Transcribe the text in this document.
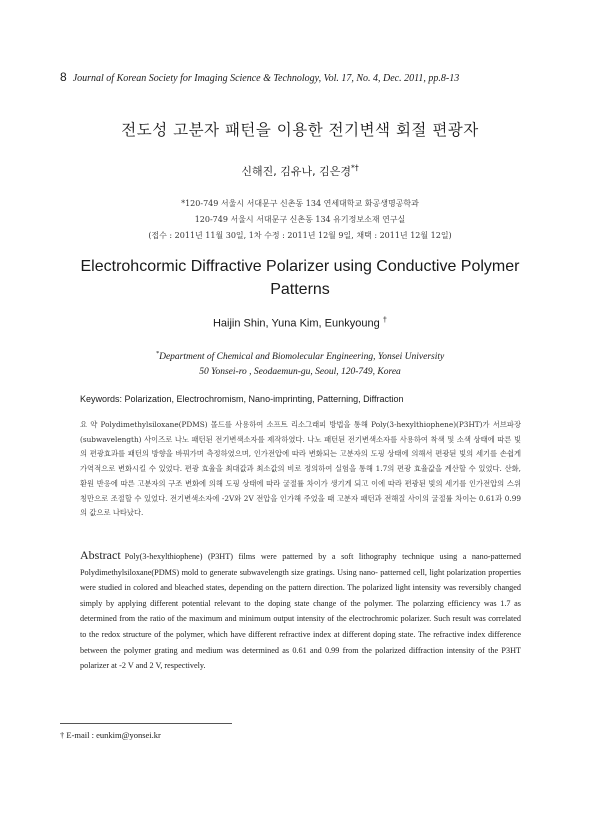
8 Journal of Korean Society for Imaging Science & Technology, Vol. 17, No. 4, Dec. 2011, pp.8-13
전도성 고분자 패턴을 이용한 전기변색 회절 편광자
신해진, 김유나, 김은경*†
*120-749 서울시 서대문구 신촌동 134 연세대학교 화공생명공학과
120-749 서울시 서대문구 신촌동 134 유기정보소재 연구실
(접수 : 2011년 11월 30일, 1차 수정 : 2011년 12월 9일, 채택 : 2011년 12월 12일)
Electrohcormic Diffractive Polarizer using Conductive Polymer Patterns
Haijin Shin, Yuna Kim, Eunkyoung †
*Department of Chemical and Biomolecular Engineering, Yonsei University
50 Yonsei-ro , Seodaemun-gu, Seoul, 120-749, Korea
Keywords: Polarization, Electrochromism, Nano-imprinting, Patterning, Diffraction
요 약 Polydimethylsiloxane(PDMS) 몰드를 사용하여 소프트 리소그래피 방법을 통해 Poly(3-hexylthiophene)(P3HT)가 서브파장(subwavelength) 사이즈로 나노 패턴된 전기변색소자를 제작하였다. 나노 패턴된 전기변색소자를 사용하여 착색 및 소색 상태에 따른 빛의 편광효과를 패턴의 방향을 바꿔가며 측정하였으며, 인가전압에 따라 변화되는 고분자의 도핑 상태에 의해서 편광된 빛의 세기를 손쉽게 가역적으로 변화시킬 수 있었다. 편광 효율을 최대값과 최소값의 비로 정의하여 실험을 통해 1.7의 편광 효율값을 계산할 수 있었다. 산화, 환원 반응에 따른 고분자의 구조 변화에 의해 도핑 상태에 따라 굴절률 차이가 생기게 되고 이에 따라 편광된 빛의 세기를 인가전압의 스위칭만으로 조절할 수 있었다. 전기변색소자에 -2V와 2V 전압을 인가해 주었을 때 고분자 패턴과 전해질 사이의 굴절률 차이는 0.61과 0.99의 값으로 나타났다.
Abstract Poly(3-hexylthiophene) (P3HT) films were patterned by a soft lithography technique using a nano-patterned Polydimethylsiloxane(PDMS) mold to generate subwavelength size gratings. Using nano- patterned cell, light polarization properties were studied in colored and bleached states, depending on the pattern direction. The polarized light intensity was reversibly changed simply by applying different potential relevant to the doping state change of the polymer. The polarzing efficiency was 1.7 as determined from the ratio of the maximum and minimum output intensity of the electrochromic polarizer. Such result was correlated to the redox structure of the polymer, which have different refractive index at different doping state. The refractive index difference between the polymer grating and medium was determined as 0.61 and 0.99 from the polarized diffraction intensity of the P3HT polarizer at -2 V and 2 V, respectively.
† E-mail : eunkim@yonsei.kr
